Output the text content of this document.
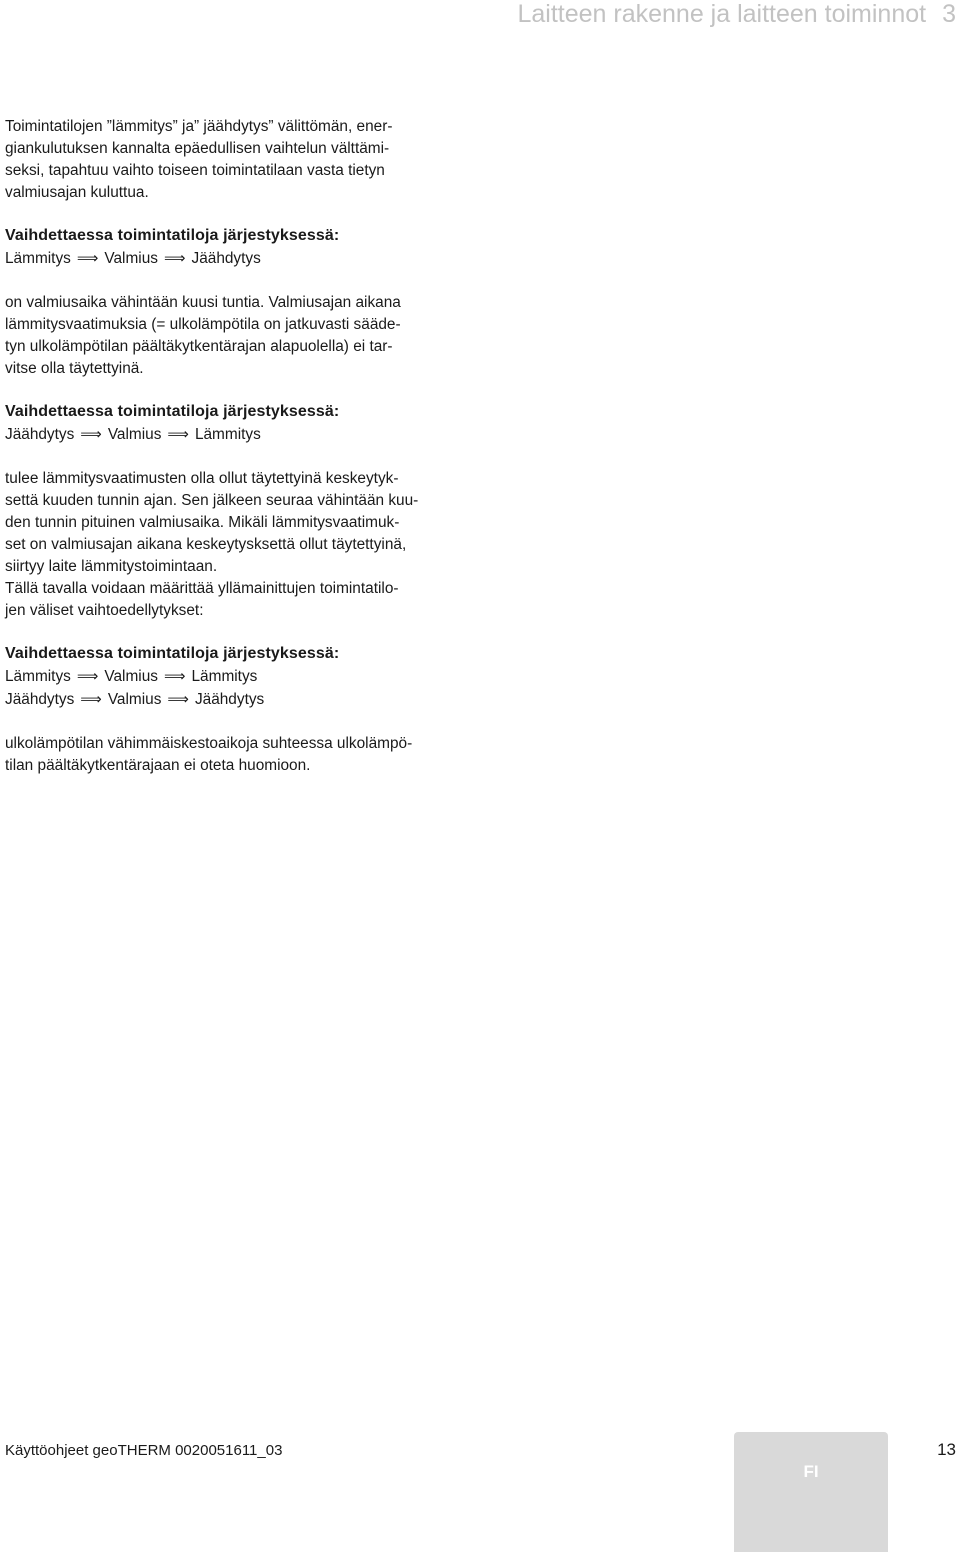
Laitteen rakenne ja laitteen toiminnot 3

Toimintatilojen ”lämmitys” ja” jäähdytys” välittömän, ener-

giankulutuksen kannalta epäedullisen vaihtelun välttämi-

seksi, tapahtuu vaihto toiseen toimintatilaan vasta tietyn

valmiusajan kuluttua.

Vaihdettaessa toimintatiloja järjestyksessä:

Lämmitys ⟹ Valmius ⟹ Jäähdytys

on valmiusaika vähintään kuusi tuntia. Valmiusajan aikana

lämmitysvaatimuksia (= ulkolämpötila on jatkuvasti sääde-

tyn ulkolämpötilan päältäkytkentärajan alapuolella) ei tar-

vitse olla täytettyinä.

Vaihdettaessa toimintatiloja järjestyksessä:

Jäähdytys ⟹ Valmius ⟹ Lämmitys

tulee lämmitysvaatimusten olla ollut täytettyinä keskeytyk-

settä kuuden tunnin ajan. Sen jälkeen seuraa vähintään kuu-

den tunnin pituinen valmiusaika. Mikäli lämmitysvaatimuk-

set on valmiusajan aikana keskeytysksettä ollut täytettyinä,

siirtyy laite lämmitystoimintaan.

Tällä tavalla voidaan määrittää yllämainittujen toimintatilo-

jen väliset vaihtoedellytykset:

Vaihdettaessa toimintatiloja järjestyksessä:

Lämmitys ⟹ Valmius ⟹ Lämmitys

Jäähdytys ⟹ Valmius ⟹ Jäähdytys

ulkolämpötilan vähimmäiskestoaikoja suhteessa ulkolämpö-

tilan päältäkytkentärajaan ei oteta huomioon.

Käyttöohjeet geoTHERM 0020051611_03
FI
13
